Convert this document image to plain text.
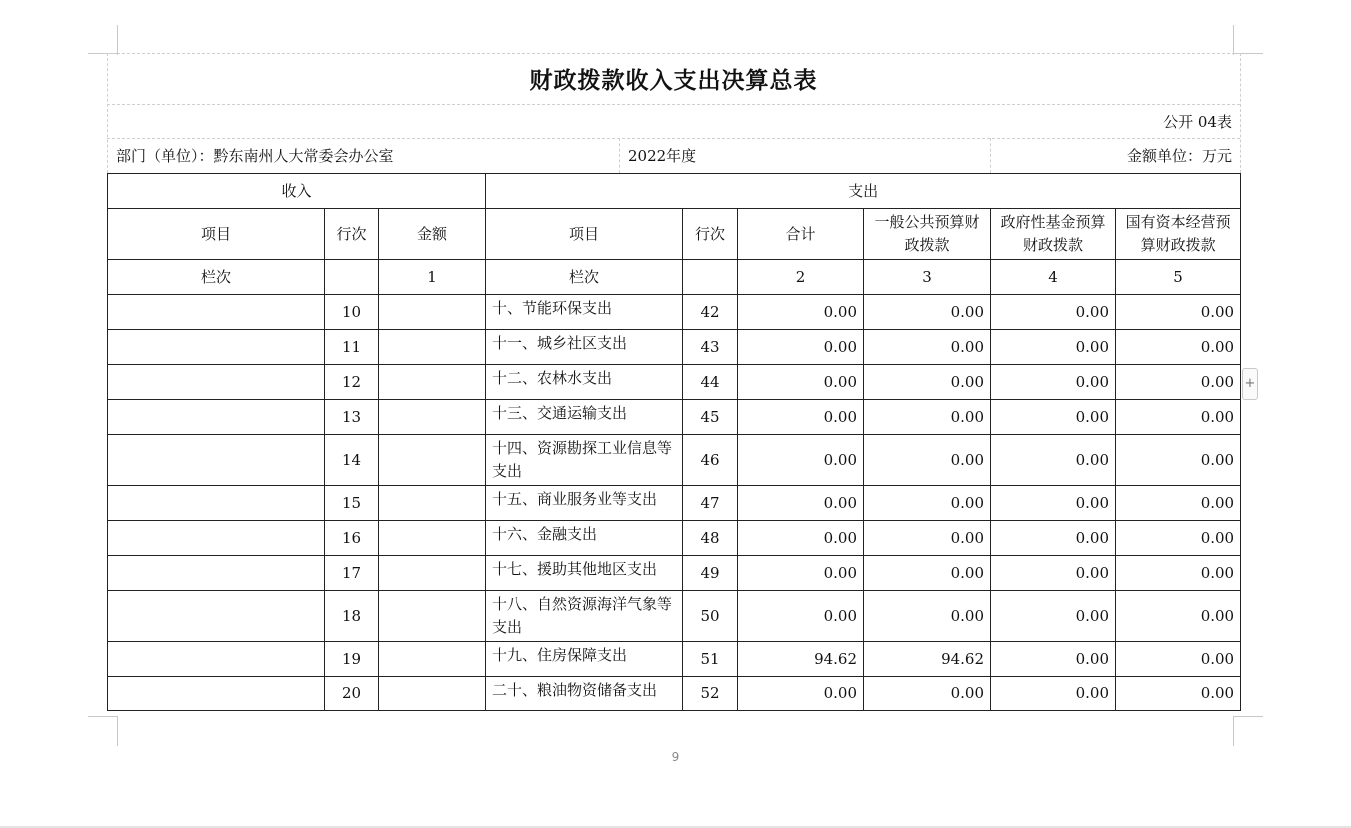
财政拨款收入支出决算总表
公开 04表
部门（单位）：黔东南州人大常委会办公室	2022年度	金额单位：万元
收入			支出					
项目	行次	金额	项目	行次	合计	一般公共预算财政拨款	政府性基金预算财政拨款	国有资本经营预算财政拨款
栏次		1	栏次		2	3	4	5
	10		十、节能环保支出	42	0.00	0.00	0.00	0.00
	11		十一、城乡社区支出	43	0.00	0.00	0.00	0.00
	12		十二、农林水支出	44	0.00	0.00	0.00	0.00
	13		十三、交通运输支出	45	0.00	0.00	0.00	0.00
	14		十四、资源勘探工业信息等支出	46	0.00	0.00	0.00	0.00
	15		十五、商业服务业等支出	47	0.00	0.00	0.00	0.00
	16		十六、金融支出	48	0.00	0.00	0.00	0.00
	17		十七、援助其他地区支出	49	0.00	0.00	0.00	0.00
	18		十八、自然资源海洋气象等支出	50	0.00	0.00	0.00	0.00
	19		十九、住房保障支出	51	94.62	94.62	0.00	0.00
	20		二十、粮油物资储备支出	52	0.00	0.00	0.00	0.00
+
9
